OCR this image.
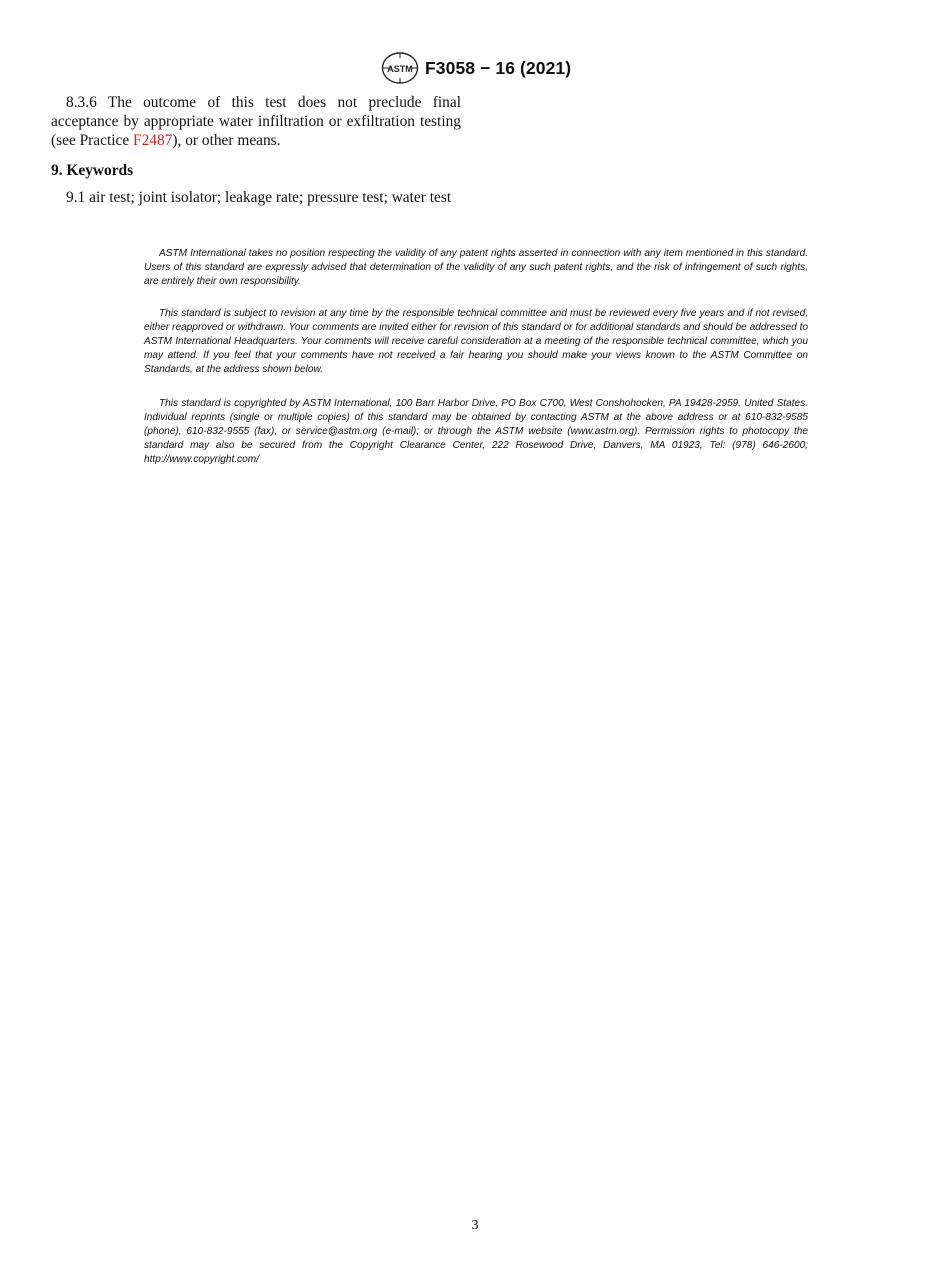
ASTM F3058 − 16 (2021)

8.3.6 The outcome of this test does not preclude final acceptance by appropriate water infiltration or exfiltration testing (see Practice F2487), or other means.

9. Keywords

9.1 air test; joint isolator; leakage rate; pressure test; water test

ASTM International takes no position respecting the validity of any patent rights asserted in connection with any item mentioned in this standard. Users of this standard are expressly advised that determination of the validity of any such patent rights, and the risk of infringement of such rights, are entirely their own responsibility.

This standard is subject to revision at any time by the responsible technical committee and must be reviewed every five years and if not revised, either reapproved or withdrawn. Your comments are invited either for revision of this standard or for additional standards and should be addressed to ASTM International Headquarters. Your comments will receive careful consideration at a meeting of the responsible technical committee, which you may attend. If you feel that your comments have not received a fair hearing you should make your views known to the ASTM Committee on Standards, at the address shown below.

This standard is copyrighted by ASTM International, 100 Barr Harbor Drive, PO Box C700, West Conshohocken, PA 19428-2959, United States. Individual reprints (single or multiple copies) of this standard may be obtained by contacting ASTM at the above address or at 610-832-9585 (phone), 610-832-9555 (fax), or service@astm.org (e-mail); or through the ASTM website (www.astm.org). Permission rights to photocopy the standard may also be secured from the Copyright Clearance Center, 222 Rosewood Drive, Danvers, MA 01923, Tel: (978) 646-2600; http://www.copyright.com/

3
